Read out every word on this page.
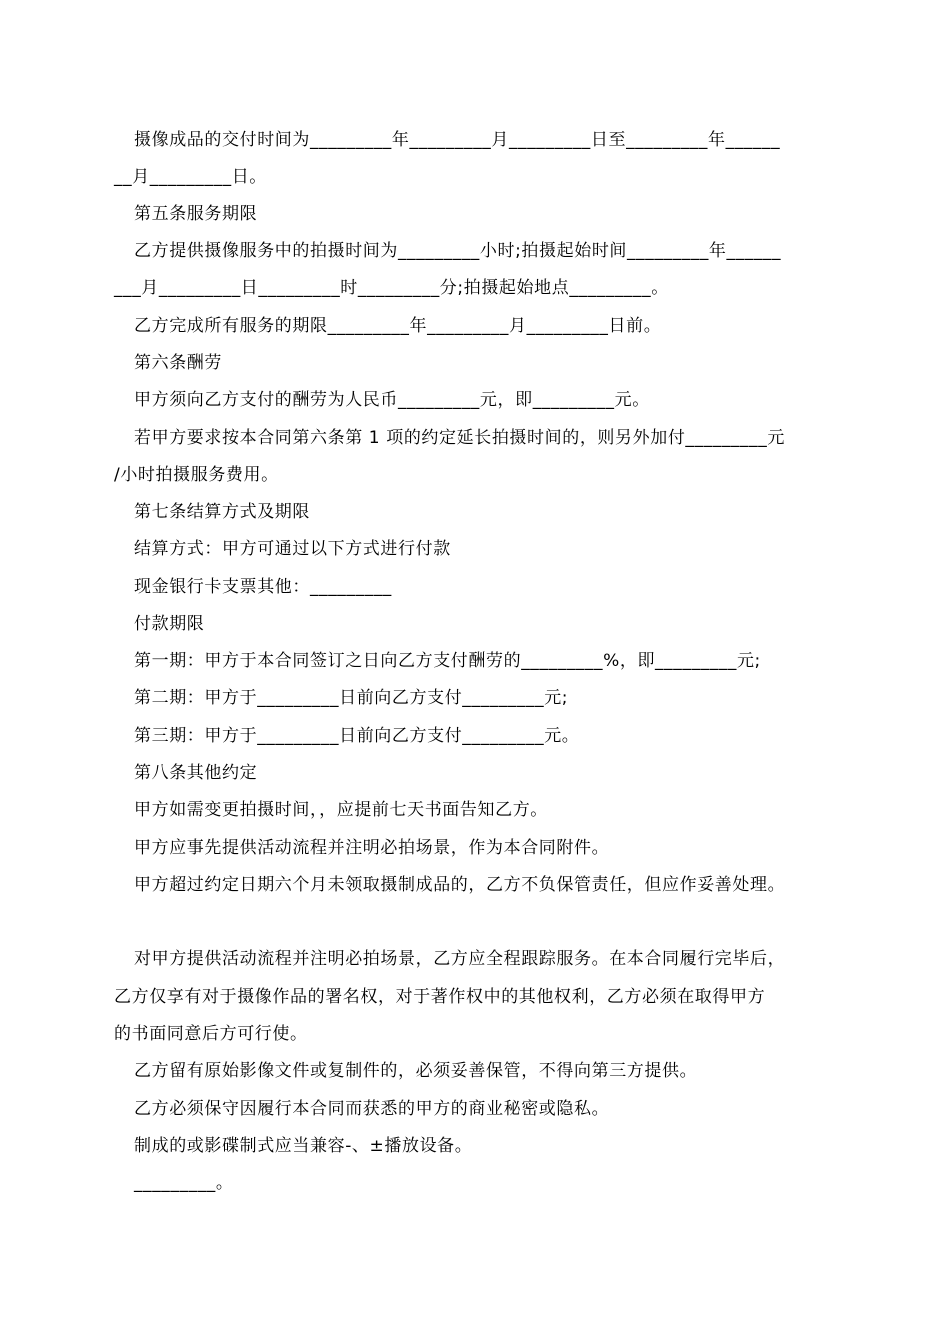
摄像成品的交付时间为_________年_________月_________日至_________年______
__月_________日。
第五条服务期限
乙方提供摄像服务中的拍摄时间为_________小时;拍摄起始时间_________年______
___月_________日_________时_________分;拍摄起始地点_________。
乙方完成所有服务的期限_________年_________月_________日前。
第六条酬劳
甲方须向乙方支付的酬劳为人民币_________元，即_________元。
若甲方要求按本合同第六条第 1 项的约定延长拍摄时间的，则另外加付_________元
/小时拍摄服务费用。
第七条结算方式及期限
结算方式：甲方可通过以下方式进行付款
现金银行卡支票其他：_________
付款期限
第一期：甲方于本合同签订之日向乙方支付酬劳的_________%，即_________元;
第二期：甲方于_________日前向乙方支付_________元;
第三期：甲方于_________日前向乙方支付_________元。
第八条其他约定
甲方如需变更拍摄时间，，应提前七天书面告知乙方。
甲方应事先提供活动流程并注明必拍场景，作为本合同附件。
甲方超过约定日期六个月未领取摄制成品的，乙方不负保管责任，但应作妥善处理。
对甲方提供活动流程并注明必拍场景，乙方应全程跟踪服务。在本合同履行完毕后，
乙方仅享有对于摄像作品的署名权，对于著作权中的其他权利，乙方必须在取得甲方
的书面同意后方可行使。
乙方留有原始影像文件或复制件的，必须妥善保管，不得向第三方提供。
乙方必须保守因履行本合同而获悉的甲方的商业秘密或隐私。
制成的或影碟制式应当兼容-、±播放设备。
_________。
